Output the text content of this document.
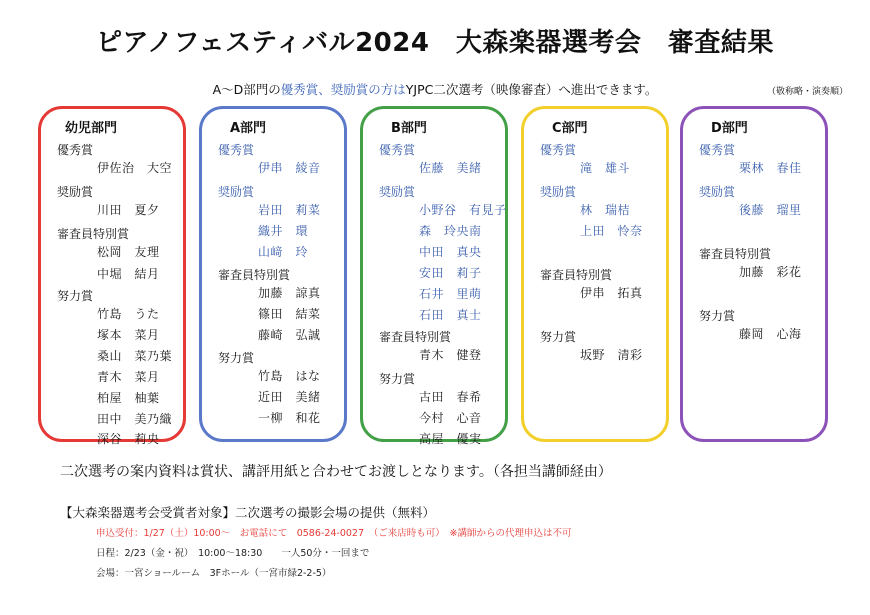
ピアノフェスティバル2024　大森楽器選考会　審査結果
A〜D部門の優秀賞、奨励賞の方はYJPC二次選考（映像審査）へ進出できます。	（敬称略・演奏順）
幼児部門
優秀賞
伊佐治　大空
奨励賞
川田　夏夕
審査員特別賞
松岡　友理
中堀　結月
努力賞
竹島　うた
塚本　菜月
桑山　菜乃葉
青木　菜月
柏屋　柚葉
田中　美乃織
深谷　莉央
A部門
優秀賞
伊串　綾音
奨励賞
岩田　莉菜
織井　環
山﨑　玲
審査員特別賞
加藤　諒真
篠田　結菜
藤崎　弘誠
努力賞
竹島　はな
近田　美緒
一柳　和花
B部門
優秀賞
佐藤　美緒
奨励賞
小野谷　有見子
森　玲央南
中田　真央
安田　莉子
石井　里萌
石田　真士
審査員特別賞
青木　健登
努力賞
古田　春希
今村　心音
高屋　優実
C部門
優秀賞
滝　雄斗
奨励賞
林　瑞桔
上田　怜奈
審査員特別賞
伊串　拓真
努力賞
坂野　清彩
D部門
優秀賞
栗林　春佳
奨励賞
後藤　瑠里
審査員特別賞
加藤　彩花
努力賞
藤岡　心海
二次選考の案内資料は賞状、講評用紙と合わせてお渡しとなります。（各担当講師経由）
【大森楽器選考会受賞者対象】二次選考の撮影会場の提供（無料）
申込受付：1/27（土）10:00〜　お電話にて　0586-24-0027　（ご来店時も可）　※講師からの代理申込は不可
日程：2/23（金・祝）　10:00〜18:30　　一人50分・一回まで
会場：一宮ショールーム　3Fホール（一宮市緑2-2-5）
